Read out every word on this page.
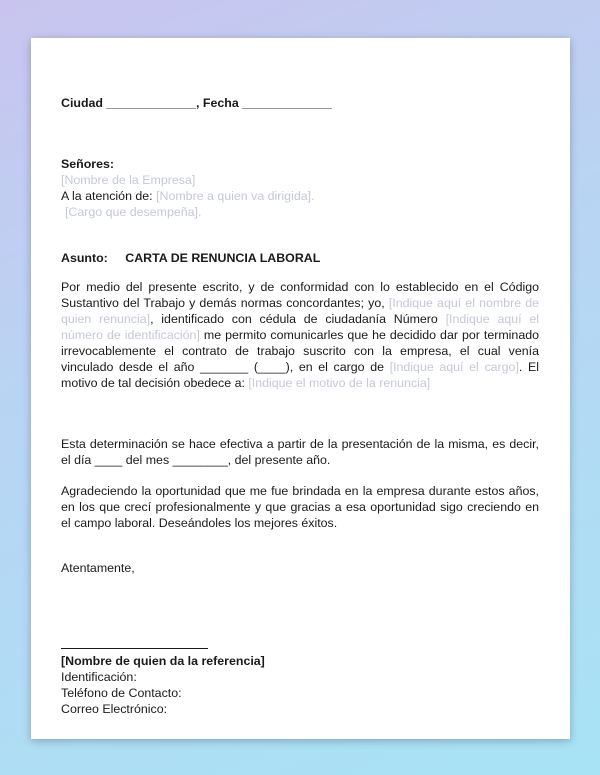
Ciudad _____________, Fecha _____________
Señores:
[Nombre de la Empresa]
A la atención de: [Nombre a quien va dirigida].
[Cargo que desempeña].
Asunto: CARTA DE RENUNCIA LABORAL
Por medio del presente escrito, y de conformidad con lo establecido en el Código Sustantivo del Trabajo y demás normas concordantes; yo, [Indique aquí el nombre de quien renuncia], identificado con cédula de ciudadanía Número [Indique aquí el número de identificación] me permito comunicarles que he decidido dar por terminado irrevocablemente el contrato de trabajo suscrito con la empresa, el cual venía vinculado desde el año _______ (____), en el cargo de [Indique aquí el cargo]. El motivo de tal decisión obedece a: [Indique el motivo de la renuncia]
Esta determinación se hace efectiva a partir de la presentación de la misma, es decir, el día ____ del mes ________, del presente año.
Agradeciendo la oportunidad que me fue brindada en la empresa durante estos años, en los que crecí profesionalmente y que gracias a esa oportunidad sigo creciendo en el campo laboral. Deseándoles los mejores éxitos.
Atentamente,
[Nombre de quien da la referencia]
Identificación:
Teléfono de Contacto:
Correo Electrónico:
